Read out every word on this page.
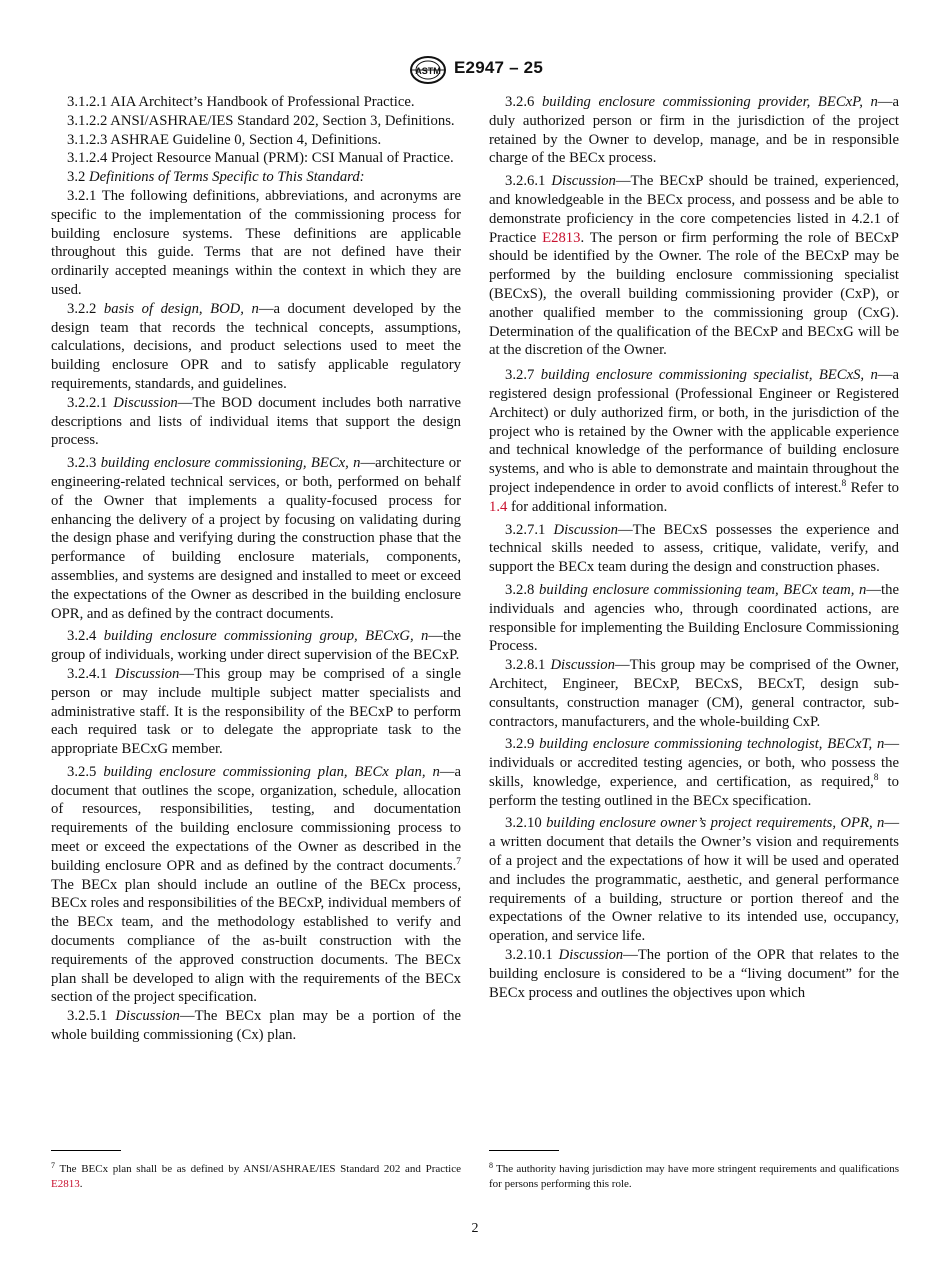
ASTM E2947 – 25

3.1.2.1 AIA Architect’s Handbook of Professional Practice.

3.1.2.2 ANSI/ASHRAE/IES Standard 202, Section 3, Definitions.

3.1.2.3 ASHRAE Guideline 0, Section 4, Definitions.

3.1.2.4 Project Resource Manual (PRM): CSI Manual of Practice.

3.2 Definitions of Terms Specific to This Standard:

3.2.1 The following definitions, abbreviations, and acronyms are specific to the implementation of the commissioning process for building enclosure systems. These definitions are applicable throughout this guide. Terms that are not defined have their ordinarily accepted meanings within the context in which they are used.

3.2.2 basis of design, BOD, n—a document developed by the design team that records the technical concepts, assumptions, calculations, decisions, and product selections used to meet the building enclosure OPR and to satisfy applicable regulatory requirements, standards, and guidelines.

3.2.2.1 Discussion—The BOD document includes both narrative descriptions and lists of individual items that support the design process.

3.2.3 building enclosure commissioning, BECx, n—architecture or engineering-related technical services, or both, performed on behalf of the Owner that implements a quality-focused process for enhancing the delivery of a project by focusing on validating during the design phase and verifying during the construction phase that the performance of building enclosure materials, components, assemblies, and systems are designed and installed to meet or exceed the expectations of the Owner as described in the building enclosure OPR, and as defined by the contract documents.

3.2.4 building enclosure commissioning group, BECxG, n—the group of individuals, working under direct supervision of the BECxP.

3.2.4.1 Discussion—This group may be comprised of a single person or may include multiple subject matter specialists and administrative staff. It is the responsibility of the BECxP to perform each required task or to delegate the appropriate task to the appropriate BECxG member.

3.2.5 building enclosure commissioning plan, BECx plan, n—a document that outlines the scope, organization, schedule, allocation of resources, responsibilities, testing, and documentation requirements of the building enclosure commissioning process to meet or exceed the expectations of the Owner as described in the building enclosure OPR and as defined by the contract documents.$^7$ The BECx plan should include an outline of the BECx process, BECx roles and responsibilities of the BECxP, individual members of the BECx team, and the methodology established to verify and documents compliance of the as-built construction with the requirements of the approved construction documents. The BECx plan shall be developed to align with the requirements of the BECx section of the project specification.

3.2.5.1 Discussion—The BECx plan may be a portion of the whole building commissioning (Cx) plan.

3.2.6 building enclosure commissioning provider, BECxP, n—a duly authorized person or firm in the jurisdiction of the project retained by the Owner to develop, manage, and be in responsible charge of the BECx process.

3.2.6.1 Discussion—The BECxP should be trained, experienced, and knowledgeable in the BECx process, and possess and be able to demonstrate proficiency in the core competencies listed in 4.2.1 of Practice E2813. The person or firm performing the role of BECxP should be identified by the Owner. The role of the BECxP may be performed by the building enclosure commissioning specialist (BECxS), the overall building commissioning provider (CxP), or another qualified member to the commissioning group (CxG). Determination of the qualification of the BECxP and BECxG will be at the discretion of the Owner.

3.2.7 building enclosure commissioning specialist, BECxS, n—a registered design professional (Professional Engineer or Registered Architect) or duly authorized firm, or both, in the jurisdiction of the project who is retained by the Owner with the applicable experience and technical knowledge of the performance of building enclosure systems, and who is able to demonstrate and maintain throughout the project independence in order to avoid conflicts of interest.$^8$ Refer to 1.4 for additional information.

3.2.7.1 Discussion—The BECxS possesses the experience and technical skills needed to assess, critique, validate, verify, and support the BECx team during the design and construction phases.

3.2.8 building enclosure commissioning team, BECx team, n—the individuals and agencies who, through coordinated actions, are responsible for implementing the Building Enclosure Commissioning Process.

3.2.8.1 Discussion—This group may be comprised of the Owner, Architect, Engineer, BECxP, BECxS, BECxT, design sub-consultants, construction manager (CM), general contractor, sub-contractors, manufacturers, and the whole-building CxP.

3.2.9 building enclosure commissioning technologist, BECxT, n—individuals or accredited testing agencies, or both, who possess the skills, knowledge, experience, and certification, as required,$^8$ to perform the testing outlined in the BECx specification.

3.2.10 building enclosure owner’s project requirements, OPR, n—a written document that details the Owner’s vision and requirements of a project and the expectations of how it will be used and operated and includes the programmatic, aesthetic, and general performance requirements of a building, structure or portion thereof and the expectations of the Owner relative to its intended use, occupancy, operation, and service life.

3.2.10.1 Discussion—The portion of the OPR that relates to the building enclosure is considered to be a “living document” for the BECx process and outlines the objectives upon which

$^7$ The BECx plan shall be as defined by ANSI/ASHRAE/IES Standard 202 and Practice E2813.
$^8$ The authority having jurisdiction may have more stringent requirements and qualifications for persons performing this role.
2
